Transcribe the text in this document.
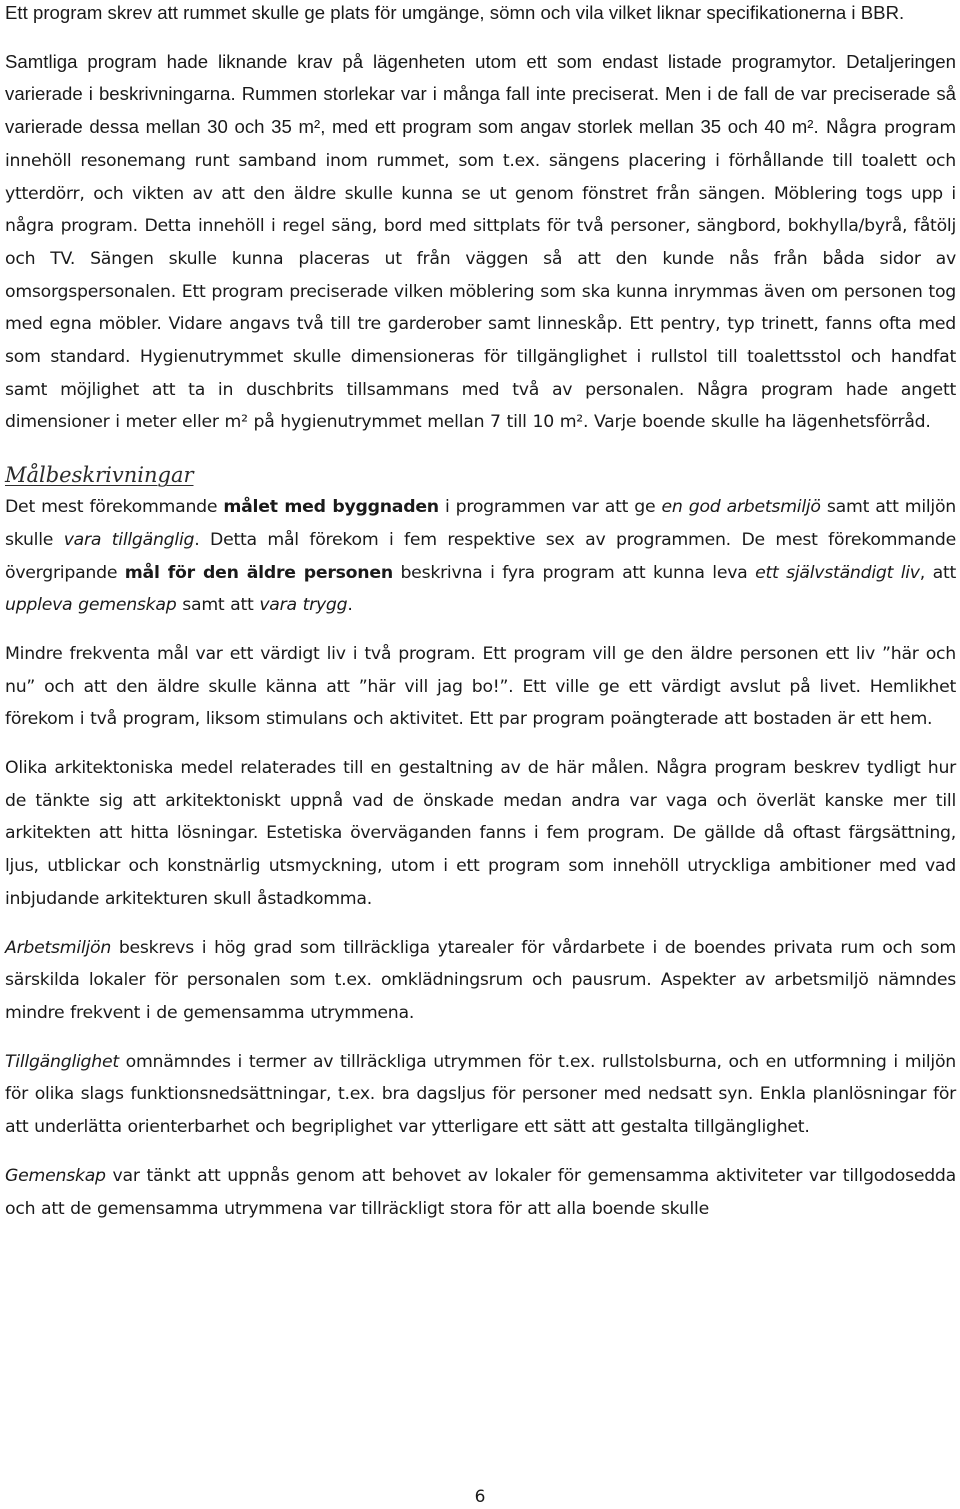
Ett program skrev att rummet skulle ge plats för umgänge, sömn och vila vilket liknar specifikationerna i BBR.

Samtliga program hade liknande krav på lägenheten utom ett som endast listade programytor. Detaljeringen varierade i beskrivningarna. Rummen storlekar var i många fall inte preciserat. Men i de fall de var preciserade så varierade dessa mellan 30 och 35 m², med ett program som angav storlek mellan 35 och 40 m². Några program innehöll resonemang runt samband inom rummet, som t.ex. sängens placering i förhållande till toalett och ytterdörr, och vikten av att den äldre skulle kunna se ut genom fönstret från sängen. Möblering togs upp i några program. Detta innehöll i regel säng, bord med sittplats för två personer, sängbord, bokhylla/byrå, fåtölj och TV. Sängen skulle kunna placeras ut från väggen så att den kunde nås från båda sidor av omsorgspersonalen. Ett program preciserade vilken möblering som ska kunna inrymmas även om personen tog med egna möbler. Vidare angavs två till tre garderober samt linneskåp. Ett pentry, typ trinett, fanns ofta med som standard. Hygienutrymmet skulle dimensioneras för tillgänglighet i rullstol till toalettsstol och handfat samt möjlighet att ta in duschbrits tillsammans med två av personalen. Några program hade angett dimensioner i meter eller m² på hygienutrymmet mellan 7 till 10 m². Varje boende skulle ha lägenhetsförråd.

Målbeskrivningar

Det mest förekommande målet med byggnaden i programmen var att ge en god arbetsmiljö samt att miljön skulle vara tillgänglig. Detta mål förekom i fem respektive sex av programmen. De mest förekommande övergripande mål för den äldre personen beskrivna i fyra program att kunna leva ett självständigt liv, att uppleva gemenskap samt att vara trygg.

Mindre frekventa mål var ett värdigt liv i två program. Ett program vill ge den äldre personen ett liv ”här och nu” och att den äldre skulle känna att ”här vill jag bo!”. Ett ville ge ett värdigt avslut på livet. Hemlikhet förekom i två program, liksom stimulans och aktivitet. Ett par program poängterade att bostaden är ett hem.

Olika arkitektoniska medel relaterades till en gestaltning av de här målen. Några program beskrev tydligt hur de tänkte sig att arkitektoniskt uppnå vad de önskade medan andra var vaga och överlät kanske mer till arkitekten att hitta lösningar. Estetiska överväganden fanns i fem program. De gällde då oftast färgsättning, ljus, utblickar och konstnärlig utsmyckning, utom i ett program som innehöll utryckliga ambitioner med vad inbjudande arkitekturen skull åstadkomma.

Arbetsmiljön beskrevs i hög grad som tillräckliga ytarealer för vårdarbete i de boendes privata rum och som särskilda lokaler för personalen som t.ex. omklädningsrum och pausrum. Aspekter av arbetsmiljö nämndes mindre frekvent i de gemensamma utrymmena.

Tillgänglighet omnämndes i termer av tillräckliga utrymmen för t.ex. rullstolsburna, och en utformning i miljön för olika slags funktionsnedsättningar, t.ex. bra dagsljus för personer med nedsatt syn. Enkla planlösningar för att underlätta orienterbarhet och begriplighet var ytterligare ett sätt att gestalta tillgänglighet.

Gemenskap var tänkt att uppnås genom att behovet av lokaler för gemensamma aktiviteter var tillgodosedda och att de gemensamma utrymmena var tillräckligt stora för att alla boende skulle

6
